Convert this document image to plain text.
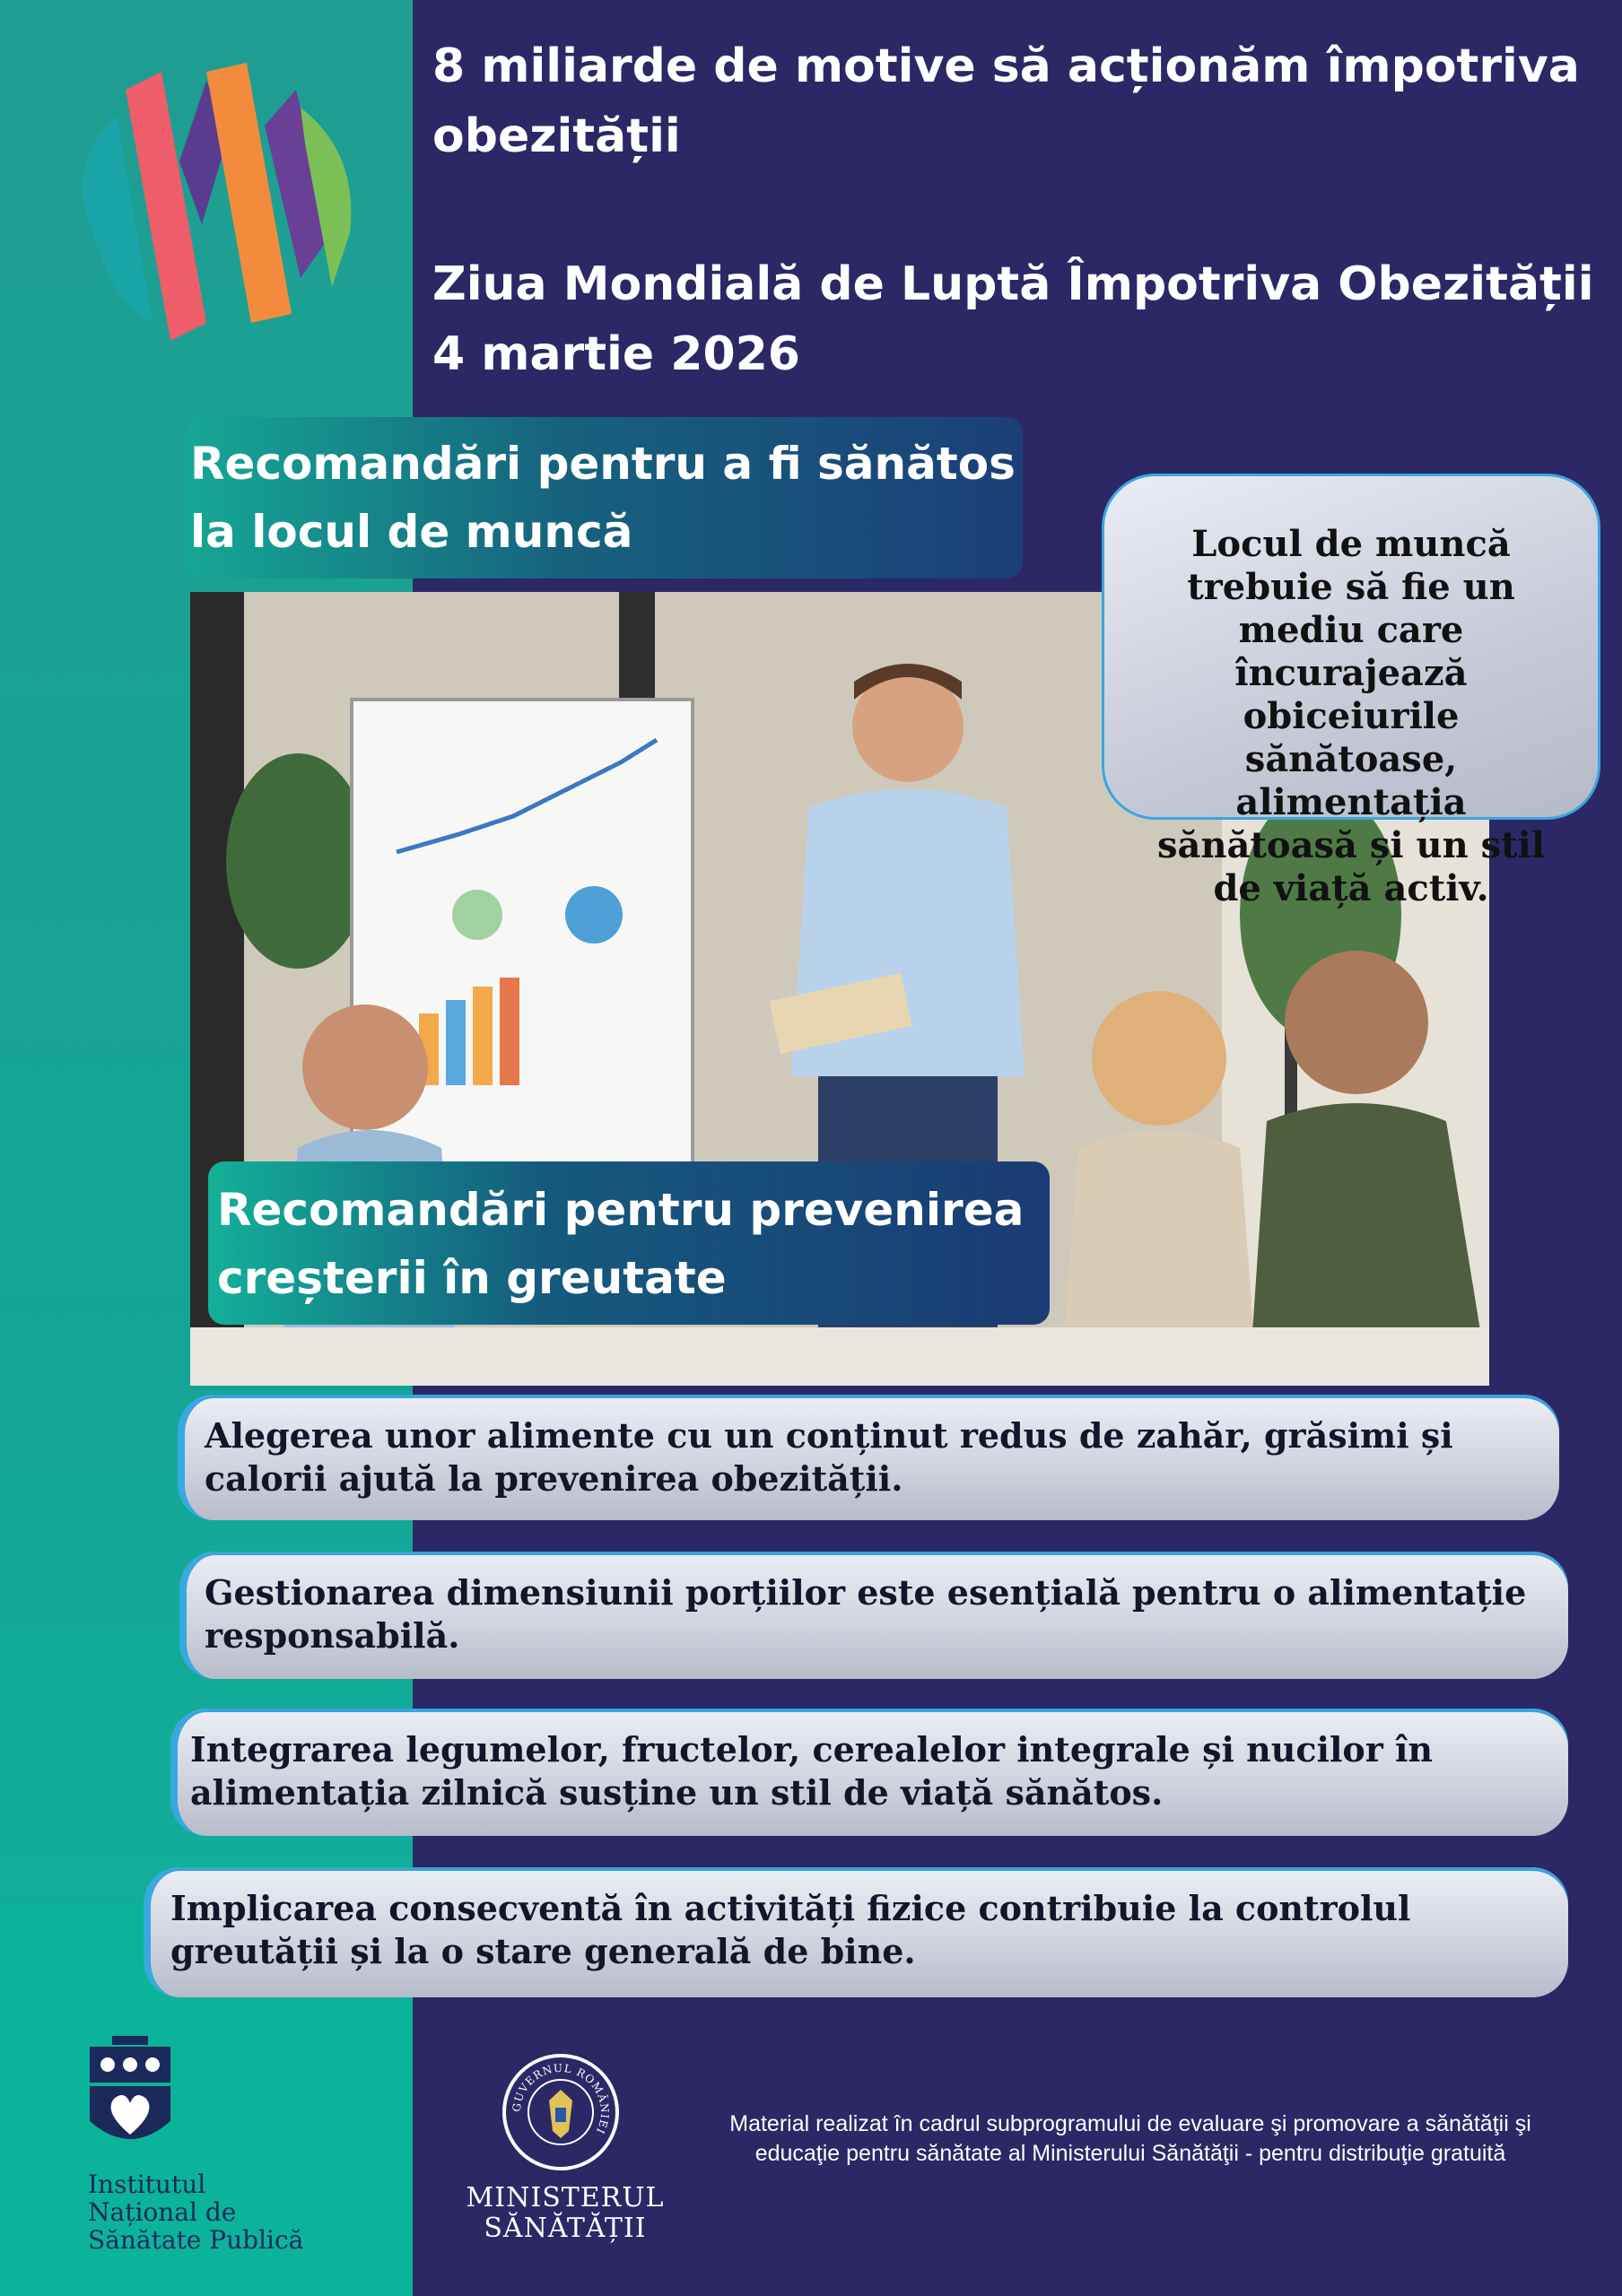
8 miliarde de motive să acționăm împotriva obezității
Ziua Mondială de Luptă Împotriva Obezității
4 martie 2026
Recomandări pentru a fi sănătos la locul de muncă	Locul de muncă trebuie să fie un mediu care încurajează obiceiurile sănătoase, alimentația sănătoasă și un stil de viață activ.
Recomandări pentru prevenirea creșterii în greutate
Alegerea unor alimente cu un conținut redus de zahăr, grăsimi și calorii ajută la prevenirea obezității.
Gestionarea dimensiunii porțiilor este esențială pentru o alimentație responsabilă.
Integrarea legumelor, fructelor, cerealelor integrale și nucilor în alimentația zilnică susține un stil de viață sănătos.
Implicarea consecventă în activități fizice contribuie la controlul greutății și la o stare generală de bine.
Institutul
Național de
Sănătate Publică
GUVERNUL ROMÂNIEI
MINISTERUL
SĂNĂTĂȚII
Material realizat în cadrul subprogramului de evaluare şi promovare a sănătăţii şi
educaţie pentru sănătate al Ministerului Sănătăţii - pentru distribuţie gratuită
